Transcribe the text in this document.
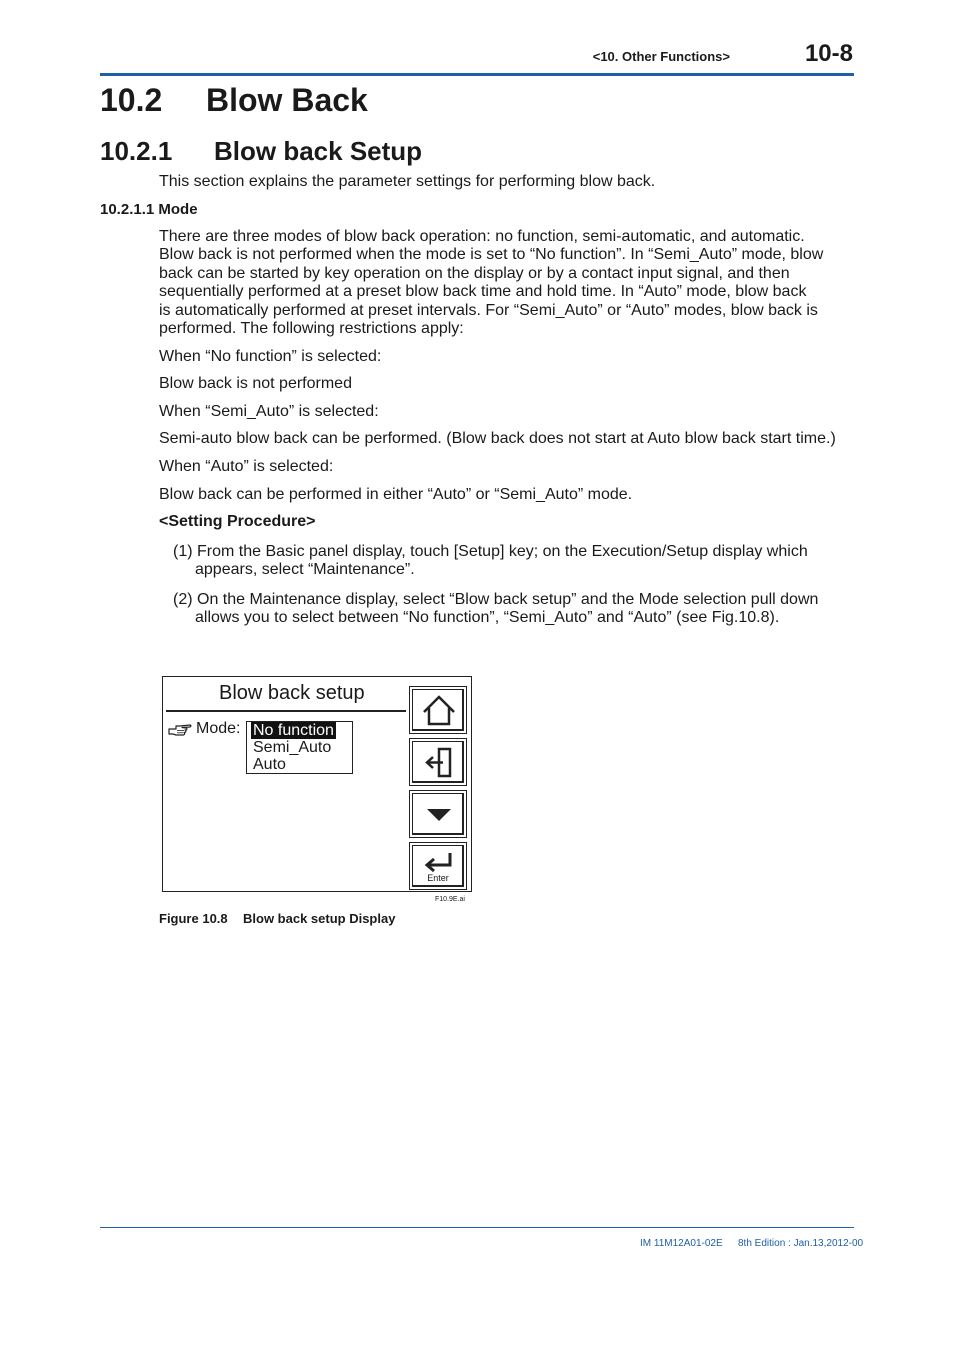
<10. Other Functions>	10-8
10.2 Blow Back
10.2.1 Blow back Setup
This section explains the parameter settings for performing blow back.
10.2.1.1 Mode
There are three modes of blow back operation: no function, semi-automatic, and automatic.
Blow back is not performed when the mode is set to “No function”. In “Semi_Auto” mode, blow
back can be started by key operation on the display or by a contact input signal, and then
sequentially performed at a preset blow back time and hold time. In “Auto” mode, blow back
is automatically performed at preset intervals. For “Semi_Auto” or “Auto” modes, blow back is
performed. The following restrictions apply:
When “No function” is selected:
Blow back is not performed
When “Semi_Auto” is selected:
Semi-auto blow back can be performed. (Blow back does not start at Auto blow back start time.)
When “Auto” is selected:
Blow back can be performed in either “Auto” or “Semi_Auto” mode.
<Setting Procedure>
(1) From the Basic panel display, touch [Setup] key; on the Execution/Setup display which
appears, select “Maintenance”.
(2) On the Maintenance display, select “Blow back setup” and the Mode selection pull down
allows you to select between “No function”, “Semi_Auto” and “Auto” (see Fig.10.8).
Blow back setup
Mode: No function
Semi_Auto
Auto
Enter
F10.9E.ai
Figure 10.8 Blow back setup Display
IM 11M12A01-02E 8th Edition : Jan.13,2012-00
